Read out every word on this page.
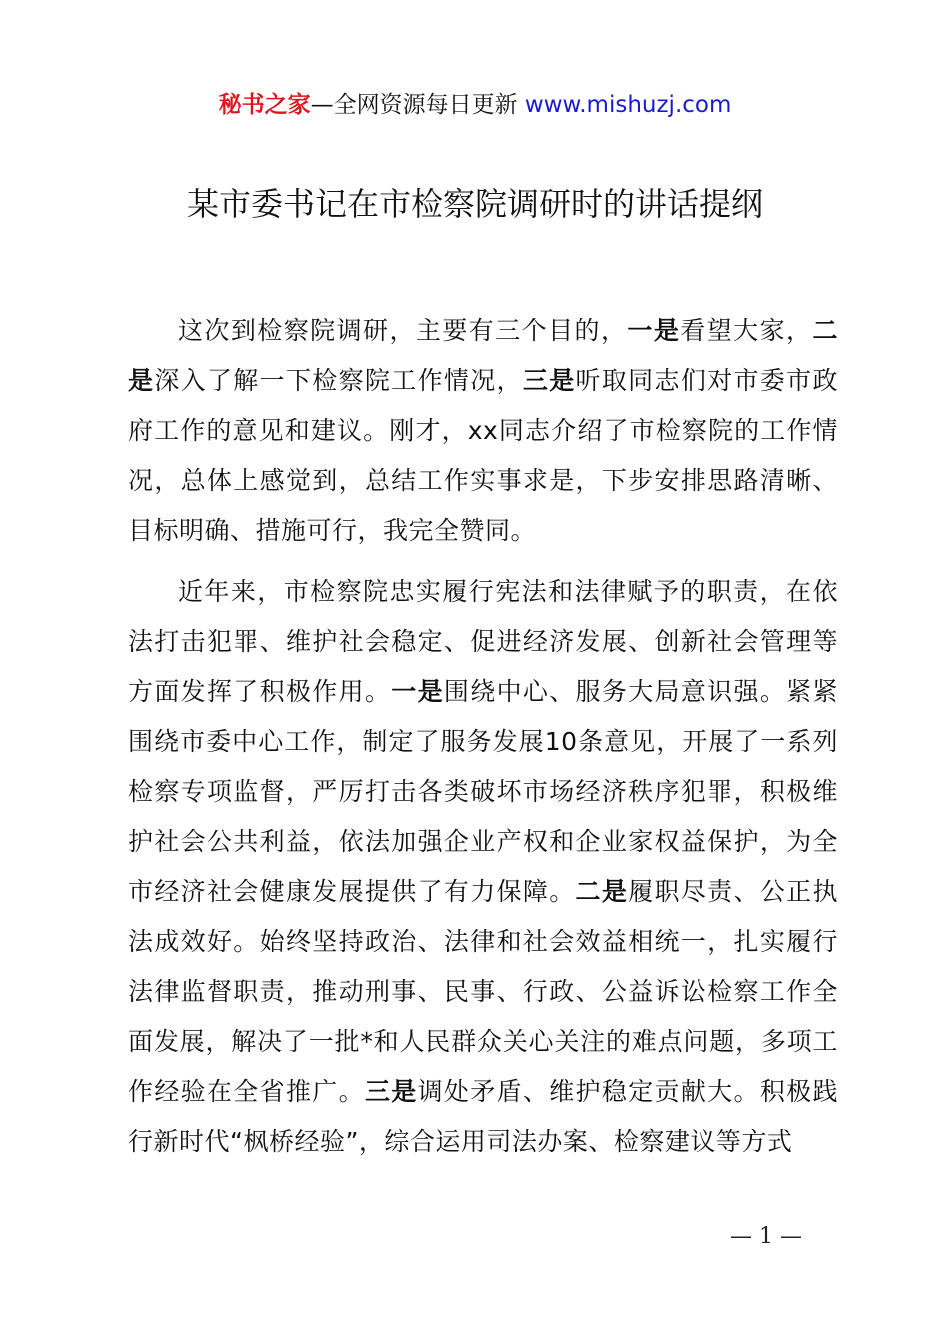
秘书之家—全网资源每日更新 www.mishuzj.com
某市委书记在市检察院调研时的讲话提纲

这次到检察院调研，主要有三个目的，一是看望大家，二是深入了解一下检察院工作情况，三是听取同志们对市委市政府工作的意见和建议。刚才，xx同志介绍了市检察院的工作情况，总体上感觉到，总结工作实事求是，下步安排思路清晰、目标明确、措施可行，我完全赞同。

近年来，市检察院忠实履行宪法和法律赋予的职责，在依法打击犯罪、维护社会稳定、促进经济发展、创新社会管理等方面发挥了积极作用。一是围绕中心、服务大局意识强。紧紧围绕市委中心工作，制定了服务发展10条意见，开展了一系列检察专项监督，严厉打击各类破坏市场经济秩序犯罪，积极维护社会公共利益，依法加强企业产权和企业家权益保护，为全市经济社会健康发展提供了有力保障。二是履职尽责、公正执法成效好。始终坚持政治、法律和社会效益相统一，扎实履行法律监督职责，推动刑事、民事、行政、公益诉讼检察工作全面发展，解决了一批*和人民群众关心关注的难点问题，多项工作经验在全省推广。三是调处矛盾、维护稳定贡献大。积极践行新时代“枫桥经验”，综合运用司法办案、检察建议等方式

— 1 —
